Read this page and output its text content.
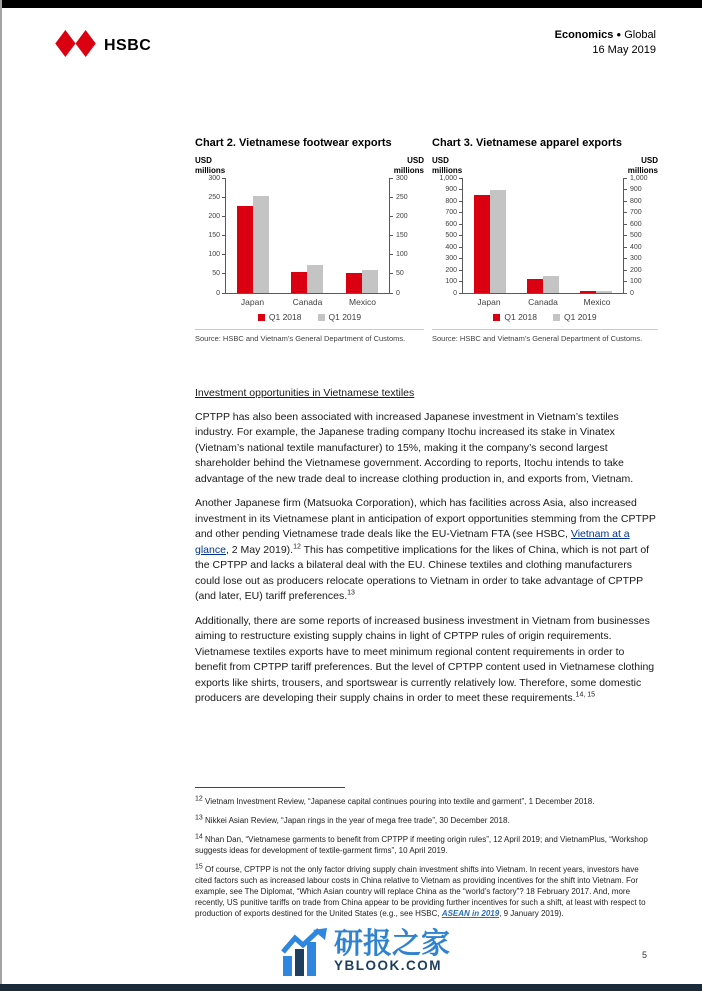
HSBC
Economics ● Global
16 May 2019
Chart 2. Vietnamese footwear exports
USD millions
USD millions
0
50
100
150
200
250
300
0
50
100
150
200
250
300
Japan	Canada	Mexico
Q1 2018	Q1 2019
Source: HSBC and Vietnam’s General Department of Customs.
Chart 3. Vietnamese apparel exports
USD millions
USD millions
0
100
200
300
400
500
600
700
800
900
1,000
0
100
200
300
400
500
600
700
800
900
1,000
Japan	Canada	Mexico
Q1 2018	Q1 2019
Source: HSBC and Vietnam’s General Department of Customs.
Investment opportunities in Vietnamese textiles

CPTPP has also been associated with increased Japanese investment in Vietnam’s textiles industry. For example, the Japanese trading company Itochu increased its stake in Vinatex (Vietnam’s national textile manufacturer) to 15%, making it the company’s second largest shareholder behind the Vietnamese government. According to reports, Itochu intends to take advantage of the new trade deal to increase clothing production in, and exports from, Vietnam.

Another Japanese firm (Matsuoka Corporation), which has facilities across Asia, also increased investment in its Vietnamese plant in anticipation of export opportunities stemming from the CPTPP and other pending Vietnamese trade deals like the EU-Vietnam FTA (see HSBC, Vietnam at a glance, 2 May 2019).$^{12}$ This has competitive implications for the likes of China, which is not part of the CPTPP and lacks a bilateral deal with the EU. Chinese textiles and clothing manufacturers could lose out as producers relocate operations to Vietnam in order to take advantage of CPTPP (and later, EU) tariff preferences.$^{13}$

Additionally, there are some reports of increased business investment in Vietnam from businesses aiming to restructure existing supply chains in light of CPTPP rules of origin requirements. Vietnamese textiles exports have to meet minimum regional content requirements in order to benefit from CPTPP tariff preferences. But the level of CPTPP content used in Vietnamese clothing exports like shirts, trousers, and sportswear is currently relatively low. Therefore, some domestic producers are developing their supply chains in order to meet these requirements.$^{14, 15}$

$^{12}$ Vietnam Investment Review, “Japanese capital continues pouring into textile and garment”, 1 December 2018.
$^{13}$ Nikkei Asian Review, “Japan rings in the year of mega free trade”, 30 December 2018.
$^{14}$ Nhan Dan, “Vietnamese garments to benefit from CPTPP if meeting origin rules”, 12 April 2019; and VietnamPlus, “Workshop suggests ideas for development of textile-garment firms”, 10 April 2019.
$^{15}$ Of course, CPTPP is not the only factor driving supply chain investment shifts into Vietnam. In recent years, investors have cited factors such as increased labour costs in China relative to Vietnam as providing incentives for the shift into Vietnam. For example, see The Diplomat, “Which Asian country will replace China as the “world’s factory”? 18 February 2017. And, more recently, US punitive tariffs on trade from China appear to be providing further incentives for such a shift, at least with respect to production of exports destined for the United States (e.g., see HSBC, ASEAN in 2019, 9 January 2019).
研报之家
YBLOOK.COM
5
